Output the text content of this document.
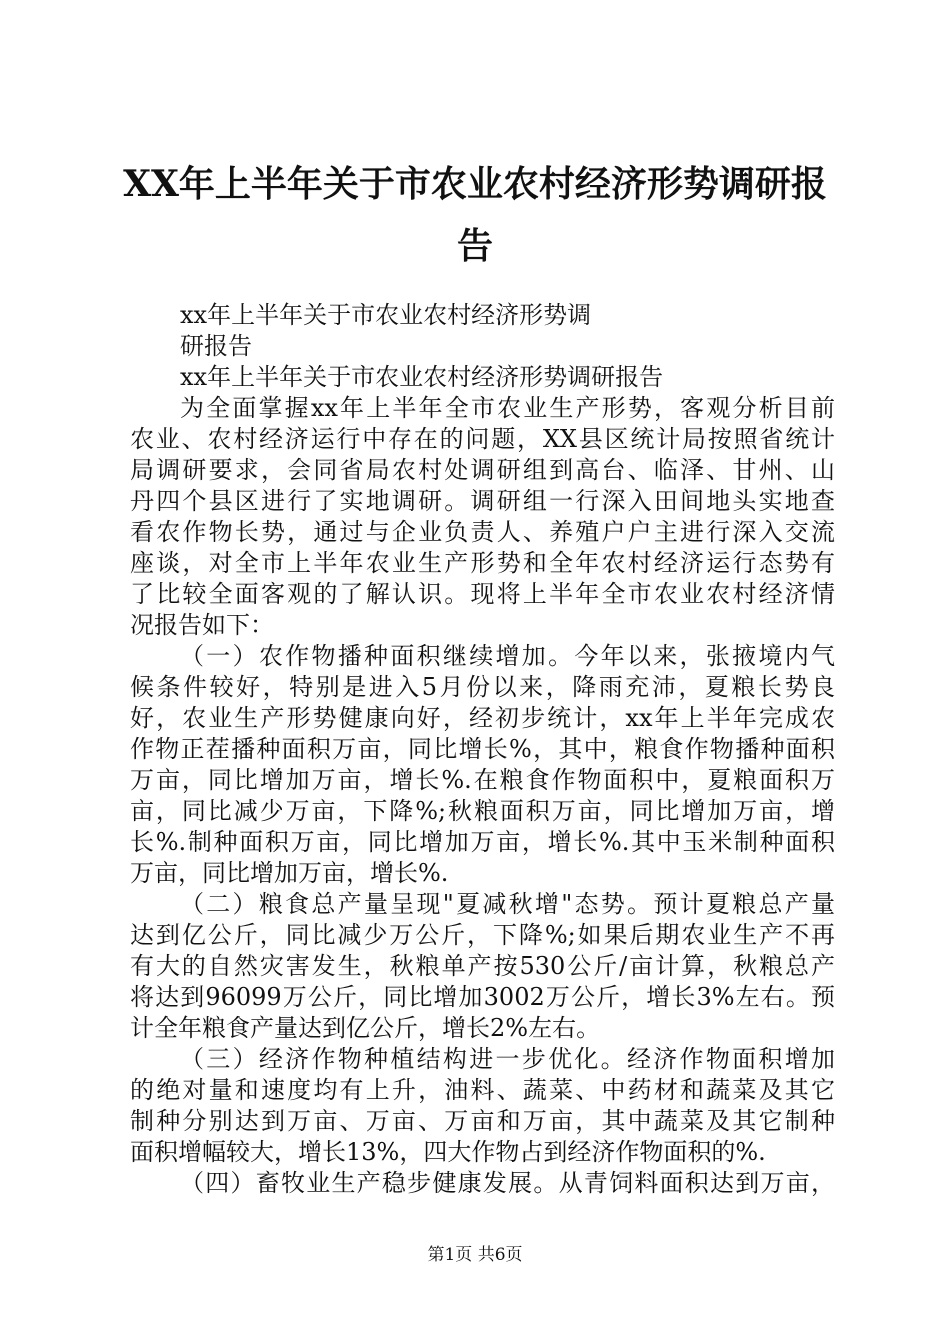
XX年上半年关于市农业农村经济形势调研报
告
xx年上半年关于市农业农村经济形势调
研报告
xx年上半年关于市农业农村经济形势调研报告
为全面掌握xx年上半年全市农业生产形势，客观分析目前
农业、农村经济运行中存在的问题，XX县区统计局按照省统计
局调研要求，会同省局农村处调研组到高台、临泽、甘州、山
丹四个县区进行了实地调研。调研组一行深入田间地头实地查
看农作物长势，通过与企业负责人、养殖户户主进行深入交流
座谈，对全市上半年农业生产形势和全年农村经济运行态势有
了比较全面客观的了解认识。现将上半年全市农业农村经济情
况报告如下：
（一）农作物播种面积继续增加。今年以来，张掖境内气
候条件较好，特别是进入5月份以来，降雨充沛，夏粮长势良
好，农业生产形势健康向好，经初步统计，xx年上半年完成农
作物正茬播种面积万亩，同比增长%，其中，粮食作物播种面积
万亩，同比增加万亩，增长%.在粮食作物面积中，夏粮面积万
亩，同比减少万亩，下降%;秋粮面积万亩，同比增加万亩，增
长%.制种面积万亩，同比增加万亩，增长%.其中玉米制种面积
万亩，同比增加万亩，增长%.
（二）粮食总产量呈现"夏减秋增"态势。预计夏粮总产量
达到亿公斤，同比减少万公斤，下降%;如果后期农业生产不再
有大的自然灾害发生，秋粮单产按530公斤/亩计算，秋粮总产
将达到96099万公斤，同比增加3002万公斤，增长3%左右。预
计全年粮食产量达到亿公斤，增长2%左右。
（三）经济作物种植结构进一步优化。经济作物面积增加
的绝对量和速度均有上升，油料、蔬菜、中药材和蔬菜及其它
制种分别达到万亩、万亩、万亩和万亩，其中蔬菜及其它制种
面积增幅较大，增长13%，四大作物占到经济作物面积的%.
（四）畜牧业生产稳步健康发展。从青饲料面积达到万亩，
第1页 共6页
